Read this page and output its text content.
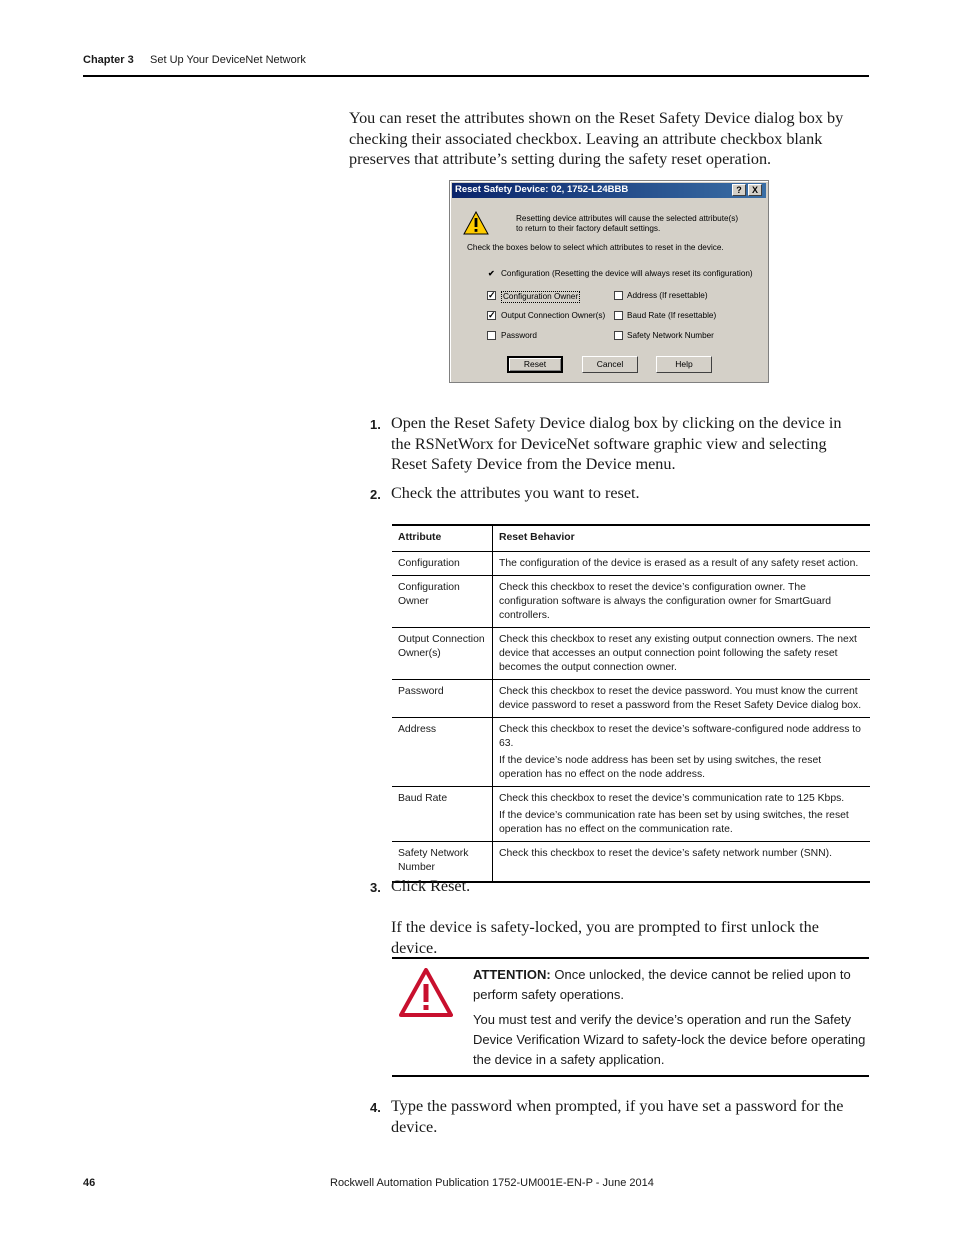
Chapter 3 Set Up Your DeviceNet Network
You can reset the attributes shown on the Reset Safety Device dialog box by checking their associated checkbox. Leaving an attribute checkbox blank preserves that attribute’s setting during the safety reset operation.
Reset Safety Device: 02, 1752-L24BBB	?	X
Resetting device attributes will cause the selected attribute(s)
to return to their factory default settings.
Check the boxes below to select which attributes to reset in the device.
✔ Configuration (Resetting the device will always reset its configuration)
✓ Configuration Owner
✓ Output Connection Owner(s)
Password
Address (If resettable)
Baud Rate (If resettable)
Safety Network Number
Reset	Cancel	Help
1. Open the Reset Safety Device dialog box by clicking on the device in the RSNetWorx for DeviceNet software graphic view and selecting Reset Safety Device from the Device menu.
2. Check the attributes you want to reset.
Attribute	Reset Behavior
Configuration	The configuration of the device is erased as a result of any safety reset action.

Configuration Owner	Check this checkbox to reset the device’s configuration owner. The configuration software is always the configuration owner for SmartGuard controllers.

Output Connection Owner(s)	Check this checkbox to reset any existing output connection owners. The next device that accesses an output connection point following the safety reset becomes the output connection owner.

Password	Check this checkbox to reset the device password. You must know the current device password to reset a password from the Reset Safety Device dialog box.

Address	Check this checkbox to reset the device’s software-configured node address to 63.

If the device’s node address has been set by using switches, the reset operation has no effect on the node address.

Baud Rate	Check this checkbox to reset the device’s communication rate to 125 Kbps.

If the device’s communication rate has been set by using switches, the reset operation has no effect on the communication rate.

Safety Network Number	Check this checkbox to reset the device’s safety network number (SNN).

3. Click Reset.
If the device is safety-locked, you are prompted to first unlock the device.

ATTENTION: Once unlocked, the device cannot be relied upon to perform safety operations.

You must test and verify the device’s operation and run the Safety Device Verification Wizard to safety-lock the device before operating the device in a safety application.

4. Type the password when prompted, if you have set a password for the device.
46	Rockwell Automation Publication 1752-UM001E-EN-P - June 2014
